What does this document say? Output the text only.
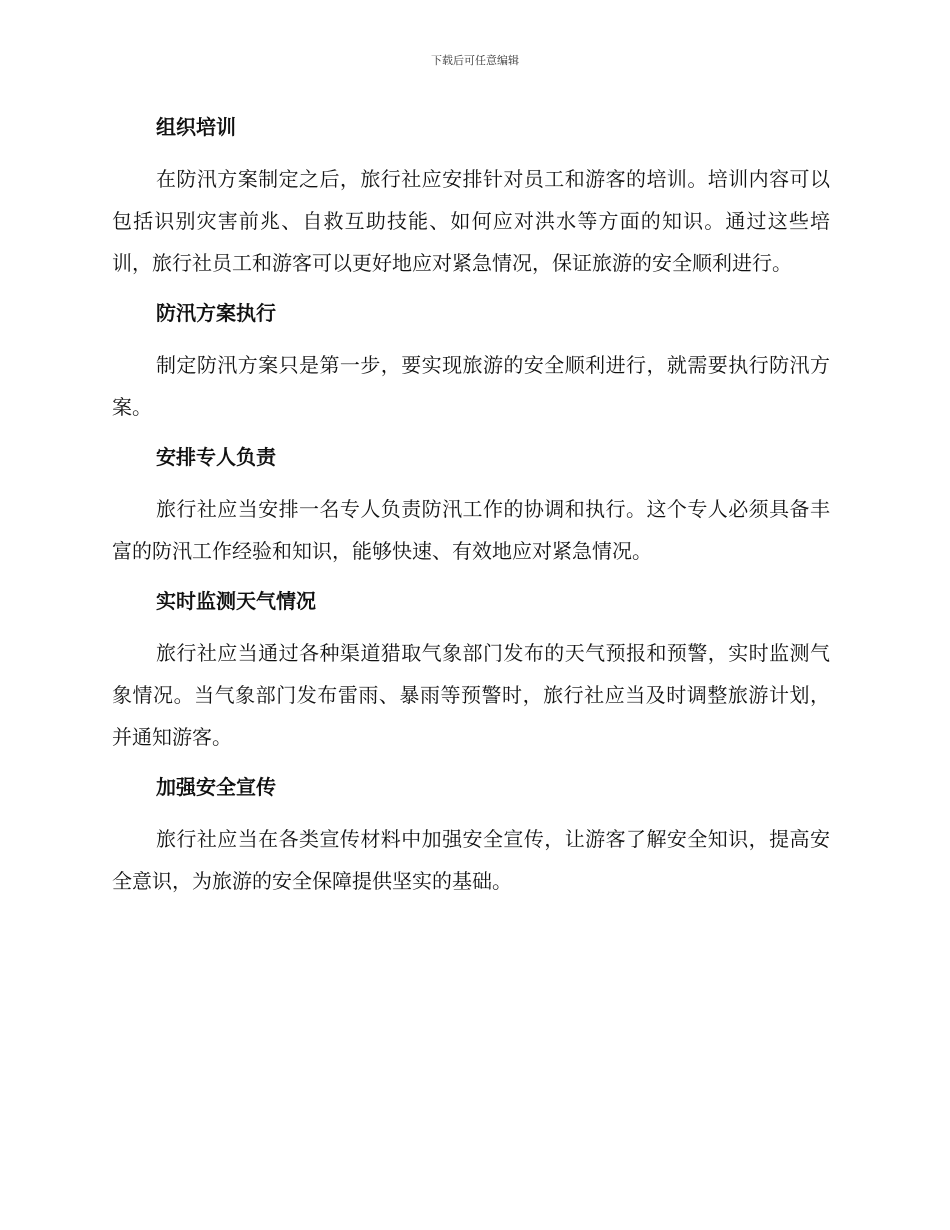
下载后可任意编辑
组织培训

在防汛方案制定之后，旅行社应安排针对员工和游客的培训。培训内容可以包括识别灾害前兆、自救互助技能、如何应对洪水等方面的知识。通过这些培训，旅行社员工和游客可以更好地应对紧急情况，保证旅游的安全顺利进行。

防汛方案执行

制定防汛方案只是第一步，要实现旅游的安全顺利进行，就需要执行防汛方案。

安排专人负责

旅行社应当安排一名专人负责防汛工作的协调和执行。这个专人必须具备丰富的防汛工作经验和知识，能够快速、有效地应对紧急情况。

实时监测天气情况

旅行社应当通过各种渠道猎取气象部门发布的天气预报和预警，实时监测气象情况。当气象部门发布雷雨、暴雨等预警时，旅行社应当及时调整旅游计划，并通知游客。

加强安全宣传

旅行社应当在各类宣传材料中加强安全宣传，让游客了解安全知识，提高安全意识，为旅游的安全保障提供坚实的基础。
